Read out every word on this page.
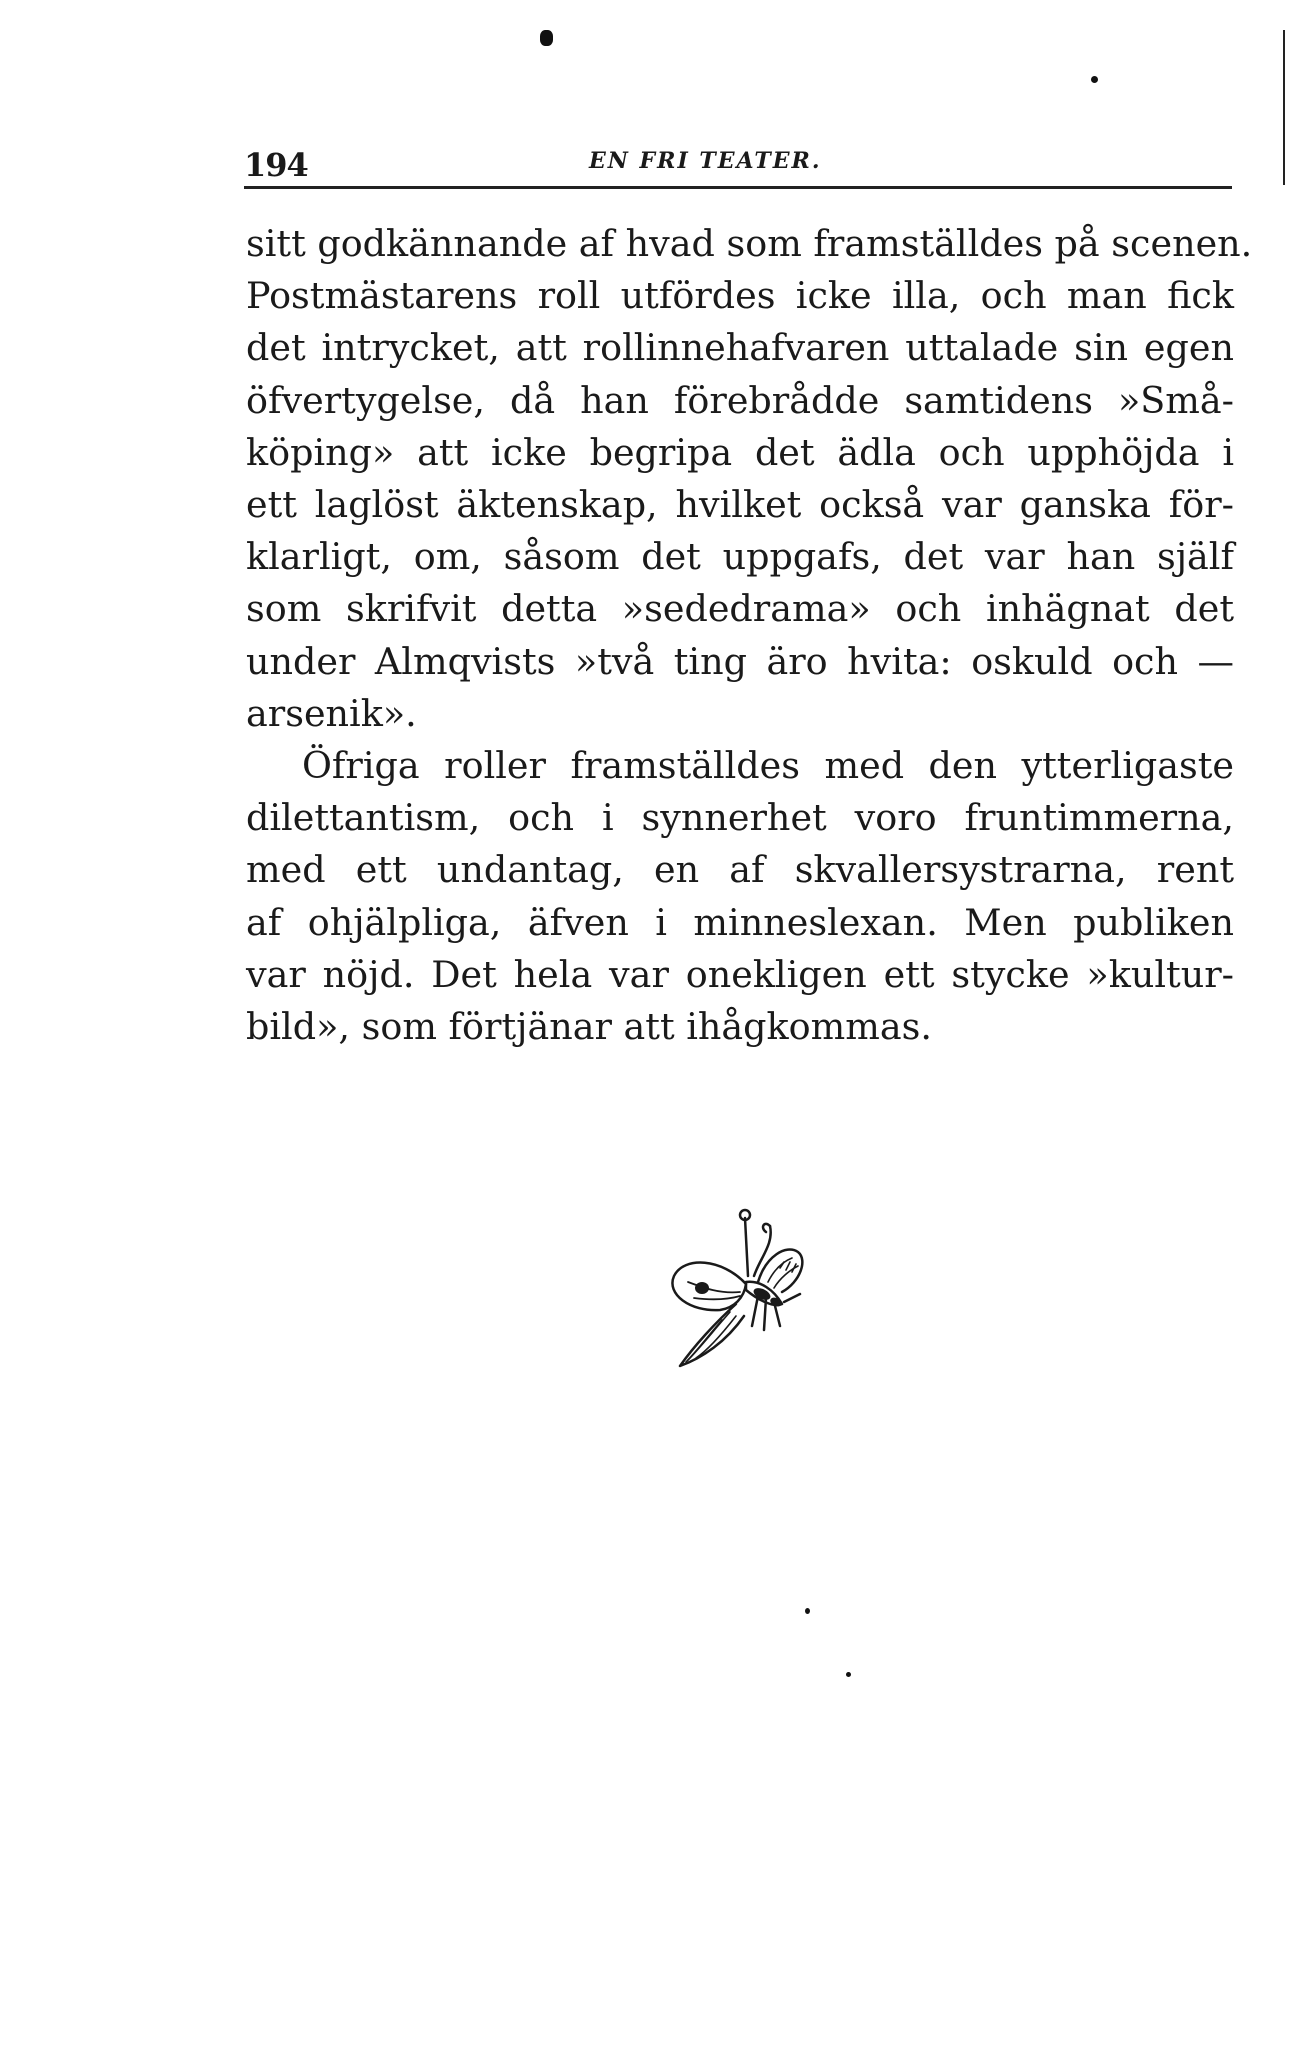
194	EN FRI TEATER.
sitt godkännande af hvad som framställdes på scenen.
Postmästarens roll utfördes icke illa, och man fick
det intrycket, att rollinnehafvaren uttalade sin egen
öfvertygelse, då han förebrådde samtidens »Små-
köping» att icke begripa det ädla och upphöjda i
ett laglöst äktenskap, hvilket också var ganska för-
klarligt, om, såsom det uppgafs, det var han själf
som skrifvit detta »sededrama» och inhägnat det
under Almqvists »två ting äro hvita: oskuld och —
arsenik».
Öfriga roller framställdes med den ytterligaste
dilettantism, och i synnerhet voro fruntimmerna,
med ett undantag, en af skvallersystrarna, rent
af ohjälpliga, äfven i minneslexan. Men publiken
var nöjd. Det hela var onekligen ett stycke »kultur-
bild», som förtjänar att ihågkommas.
